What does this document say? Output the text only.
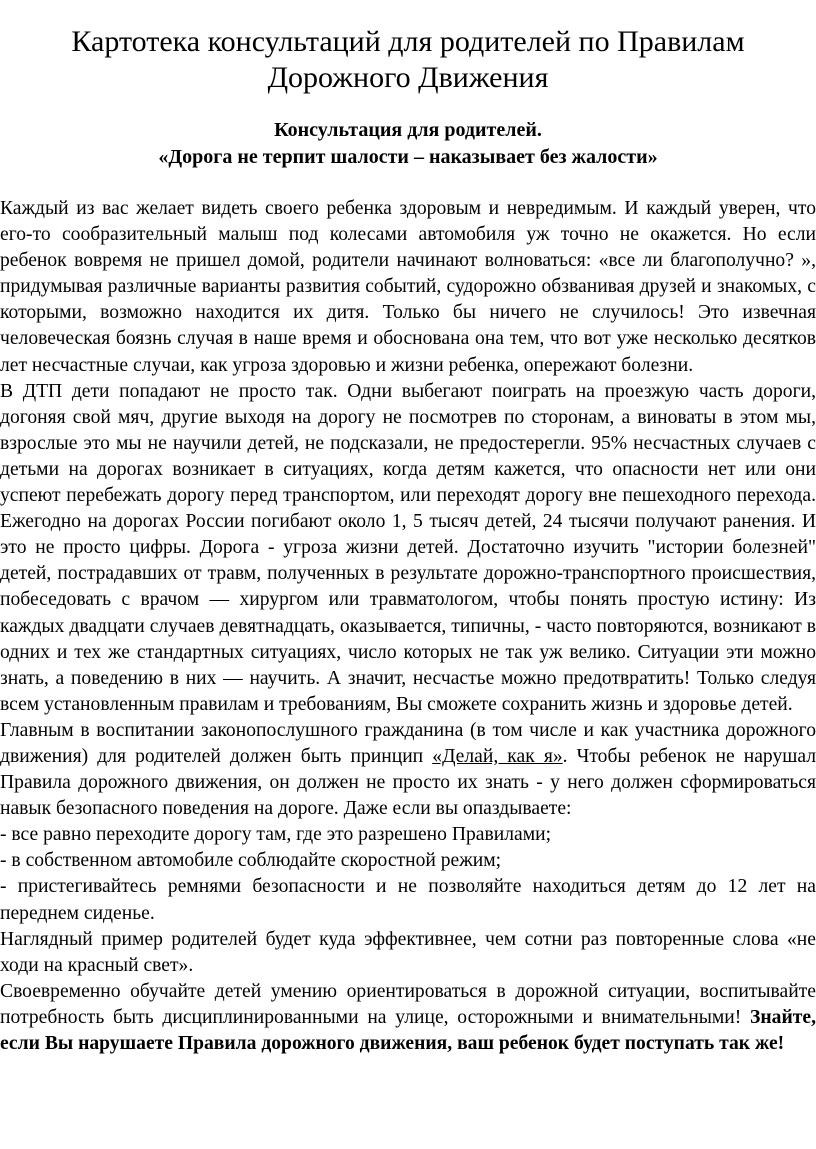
Картотека консультаций для родителей по Правилам Дорожного Движения
Консультация для родителей.
«Дорога не терпит шалости – наказывает без жалости»

Каждый из вас желает видеть своего ребенка здоровым и невредимым. И каждый уверен, что его-то сообразительный малыш под колесами автомобиля уж точно не окажется. Но если ребенок вовремя не пришел домой, родители начинают волноваться: «все ли благополучно? », придумывая различные варианты развития событий, судорожно обзванивая друзей и знакомых, с которыми, возможно находится их дитя. Только бы ничего не случилось! Это извечная человеческая боязнь случая в наше время и обоснована она тем, что вот уже несколько десятков лет несчастные случаи, как угроза здоровью и жизни ребенка, опережают болезни.

В ДТП дети попадают не просто так. Одни выбегают поиграть на проезжую часть дороги, догоняя свой мяч, другие выходя на дорогу не посмотрев по сторонам, а виноваты в этом мы, взрослые это мы не научили детей, не подсказали, не предостерегли. 95% несчастных случаев с детьми на дорогах возникает в ситуациях, когда детям кажется, что опасности нет или они успеют перебежать дорогу перед транспортом, или переходят дорогу вне пешеходного перехода. Ежегодно на дорогах России погибают около 1, 5 тысяч детей, 24 тысячи получают ранения. И это не просто цифры. Дорога - угроза жизни детей. Достаточно изучить "истории болезней" детей, пострадавших от травм, полученных в результате дорожно-транспортного происшествия, побеседовать с врачом — хирургом или травматологом, чтобы понять простую истину: Из каждых двадцати случаев девятнадцать, оказывается, типичны, - часто повторяются, возникают в одних и тех же стандартных ситуациях, число которых не так уж велико. Ситуации эти можно знать, а поведению в них — научить. А значит, несчастье можно предотвратить! Только следуя всем установленным правилам и требованиям, Вы сможете сохранить жизнь и здоровье детей.

Главным в воспитании законопослушного гражданина (в том числе и как участника дорожного движения) для родителей должен быть принцип «Делай, как я». Чтобы ребенок не нарушал Правила дорожного движения, он должен не просто их знать - у него должен сформироваться навык безопасного поведения на дороге. Даже если вы опаздываете:

- все равно переходите дорогу там, где это разрешено Правилами;

- в собственном автомобиле соблюдайте скоростной режим;

- пристегивайтесь ремнями безопасности и не позволяйте находиться детям до 12 лет на переднем сиденье.

Наглядный пример родителей будет куда эффективнее, чем сотни раз повторенные слова «не ходи на красный свет».

Своевременно обучайте детей умению ориентироваться в дорожной ситуации, воспитывайте потребность быть дисциплинированными на улице, осторожными и внимательными! Знайте, если Вы нарушаете Правила дорожного движения, ваш ребенок будет поступать так же!
